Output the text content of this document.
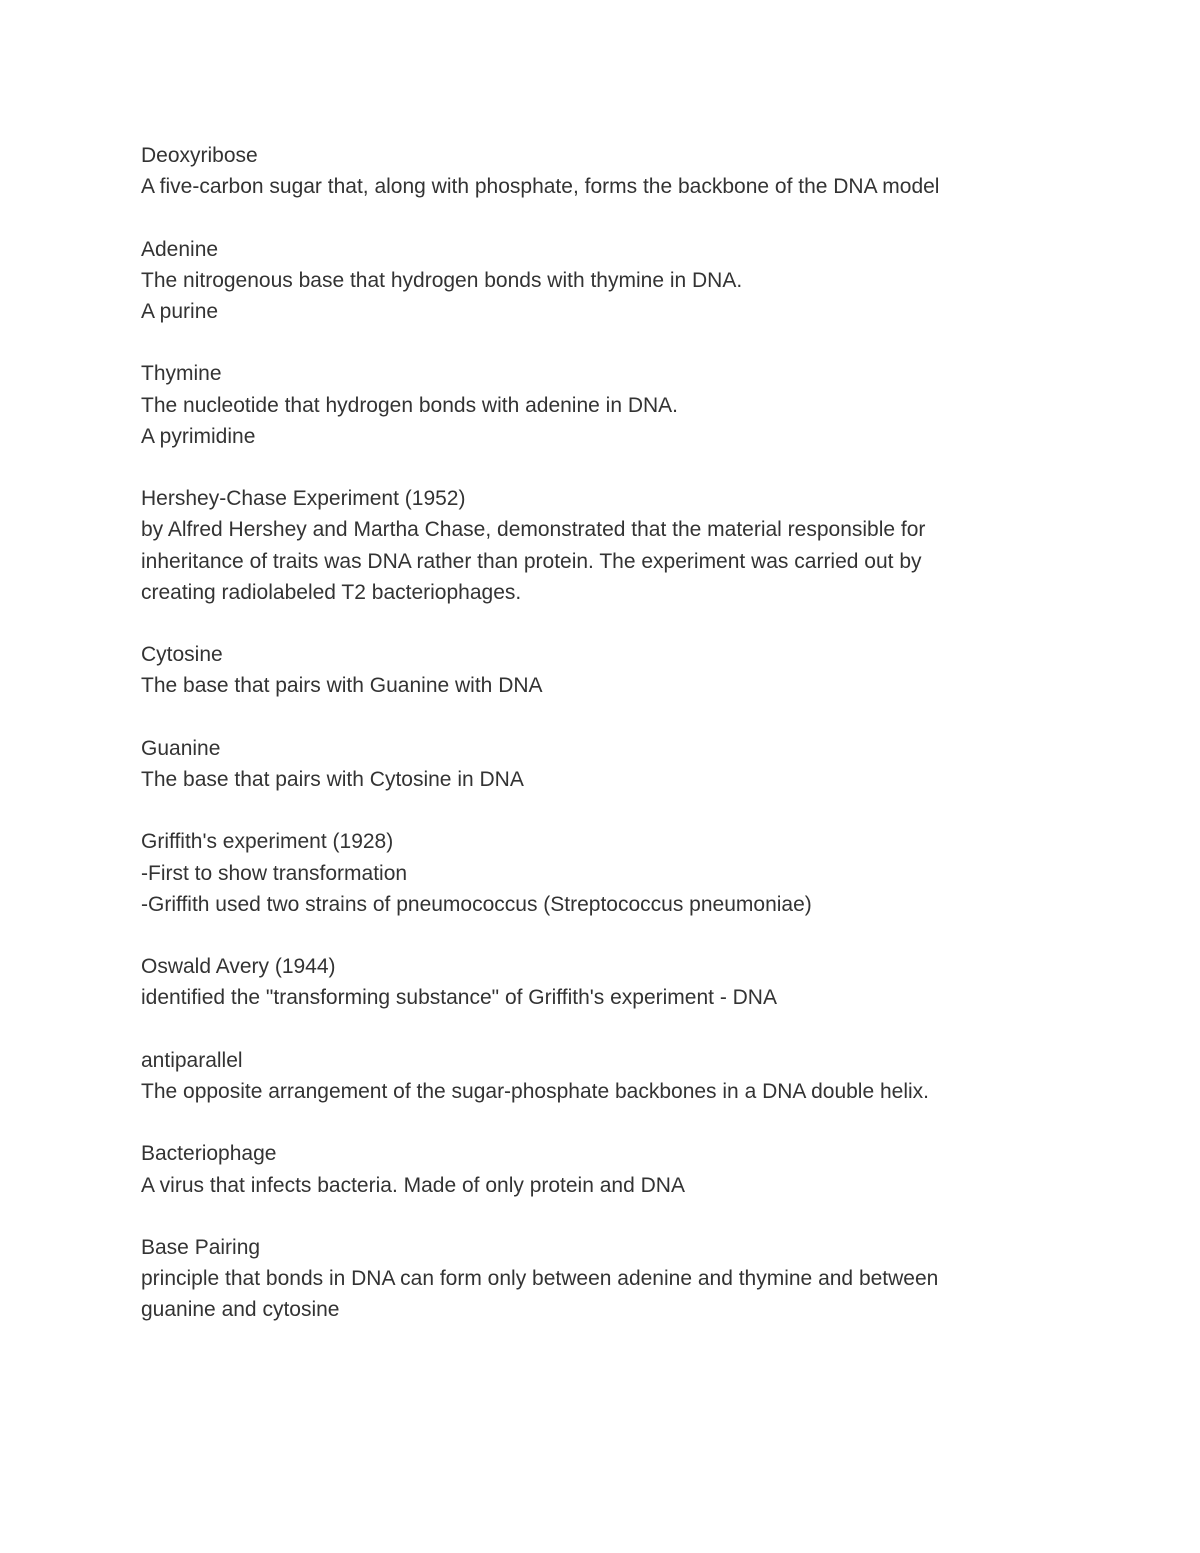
Deoxyribose
A five-carbon sugar that, along with phosphate, forms the backbone of the DNA model
Adenine
The nitrogenous base that hydrogen bonds with thymine in DNA.
A purine
Thymine
The nucleotide that hydrogen bonds with adenine in DNA.
A pyrimidine
Hershey-Chase Experiment (1952)
by Alfred Hershey and Martha Chase, demonstrated that the material responsible for
inheritance of traits was DNA rather than protein. The experiment was carried out by
creating radiolabeled T2 bacteriophages.
Cytosine
The base that pairs with Guanine with DNA
Guanine
The base that pairs with Cytosine in DNA
Griffith's experiment (1928)
-First to show transformation
-Griffith used two strains of pneumococcus (Streptococcus pneumoniae)
Oswald Avery (1944)
identified the "transforming substance" of Griffith's experiment - DNA
antiparallel
The opposite arrangement of the sugar-phosphate backbones in a DNA double helix.
Bacteriophage
A virus that infects bacteria. Made of only protein and DNA
Base Pairing
principle that bonds in DNA can form only between adenine and thymine and between
guanine and cytosine
